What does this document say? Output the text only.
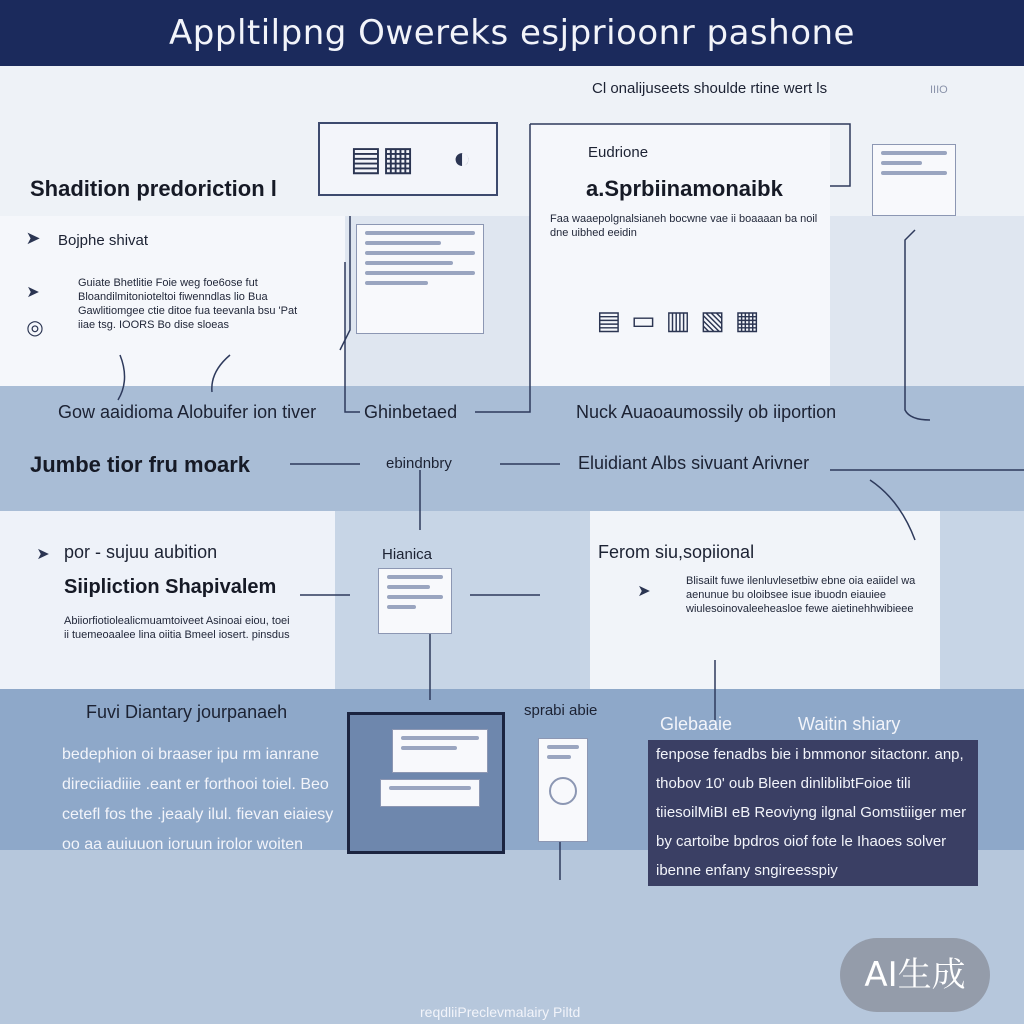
Appltilpng Owereks esjprioonr pashone
Cl onalijuseets shoulde rtine wert ls	IIIO
▤▦	◐
Shadition predoriction l
➤	Bojphe shivat
➤
◎
Guiate Bhetlitie Foie weg foe6ose fut Bloandilmitonioteltoi fiwenndlas lio Bua Gawlitiomgee ctie ditoe fua teevanla bsu 'Pat iiae tsg. IOORS Bo dise sloeas
Eudrione
a.Sprbiinamonaibk
Faa waaepolgnalsianeh bocwne vae ii boaaaan ba noil dne uibhed eeidin
▤▭▥▧▦
Gow aaidioma Alobuifer ion tiver	Ghinbetaed	Nuck Auaoaumossily ob iiportion
Jumbe tior fru moark	ebindnbry	Eluidiant Albs sivuant Arivner
➤ por - sujuu aubition
Siipliction Shapivalem
Abiiorfiotiolealicmuamtoiveet Asinoai eiou, toei ii tuemeoaalee lina oiitia Bmeel iosert. pinsdus
Hianica	Ferom siu,sopiional
➤
Blisailt fuwe ilenluvlesetbiw ebne oia eaiidel wa aenunue bu oloibsee isue ibuodn eiauiee wiulesoinovaleeheasloe fewe aietinehhwibieee
Fuvi Diantary jourpanaeh
bedephion oi braaser ipu rm ianrane direciiadiiie .eant er forthooi toiel. Beo cetefl fos the .jeaaly ilul. fievan eiaiesy oo aa auiuuon ioruun irolor woiten
sprabi abie
Glebaaie	Waitin shiary
fenpose fenadbs bie i bmmonor sitactonr. anp, thobov 10' oub Bleen dinliblibtFoioe tili tiiesoilMiBI eB Reoviyng ilgnal Gomstiiiger mer by cartoibe bpdros oiof fote le Ihaoes solver ibenne enfany sngireesspiy
reqdliiPreclevmalairy Piltd
AI生成
